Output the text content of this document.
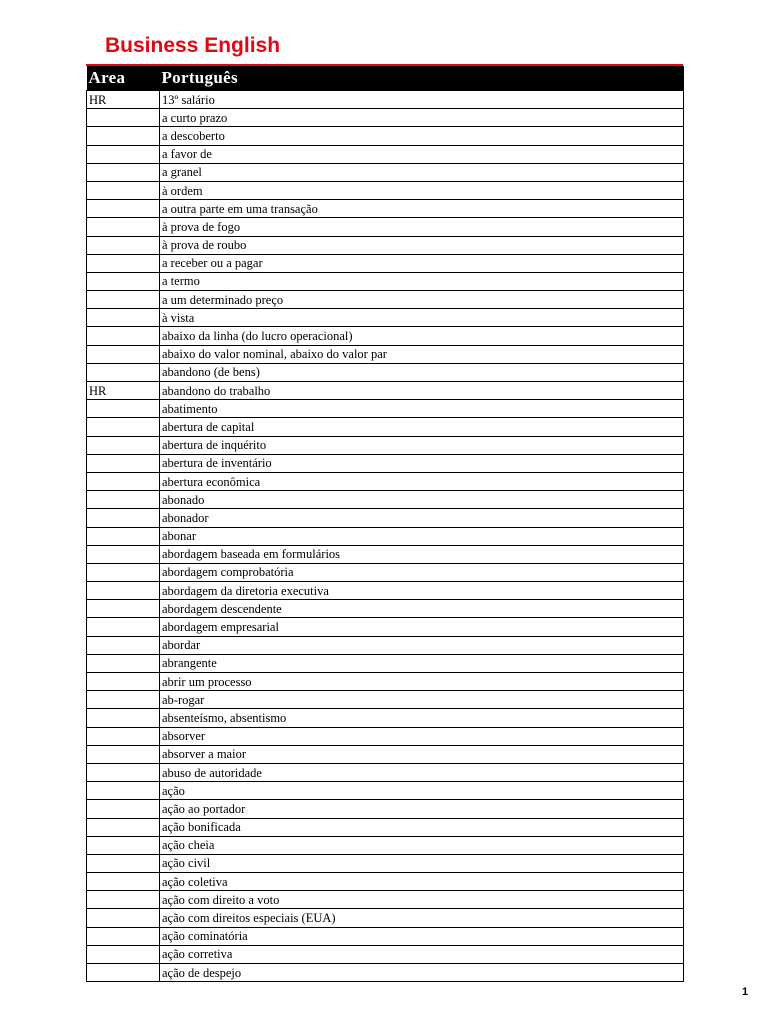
Business English
Area	Português
HR	13º salário
	a curto prazo
	a descoberto
	a favor de
	a granel
	à ordem
	a outra parte em uma transação
	à prova de fogo
	à prova de roubo
	a receber ou a pagar
	a termo
	a um determinado preço
	à vista
	abaixo da linha (do lucro operacional)
	abaixo do valor nominal, abaixo do valor par
	abandono (de bens)
HR	abandono do trabalho
	abatimento
	abertura de capital
	abertura de inquérito
	abertura de inventário
	abertura econômica
	abonado
	abonador
	abonar
	abordagem baseada em formulários
	abordagem comprobatória
	abordagem da diretoria executiva
	abordagem descendente
	abordagem empresarial
	abordar
	abrangente
	abrir um processo
	ab-rogar
	absenteísmo, absentismo
	absorver
	absorver a maior
	abuso de autoridade
	ação
	ação ao portador
	ação bonificada
	ação cheia
	ação civil
	ação coletiva
	ação com direito a voto
	ação com direitos especiais (EUA)
	ação cominatória
	ação corretiva
	ação de despejo
1
